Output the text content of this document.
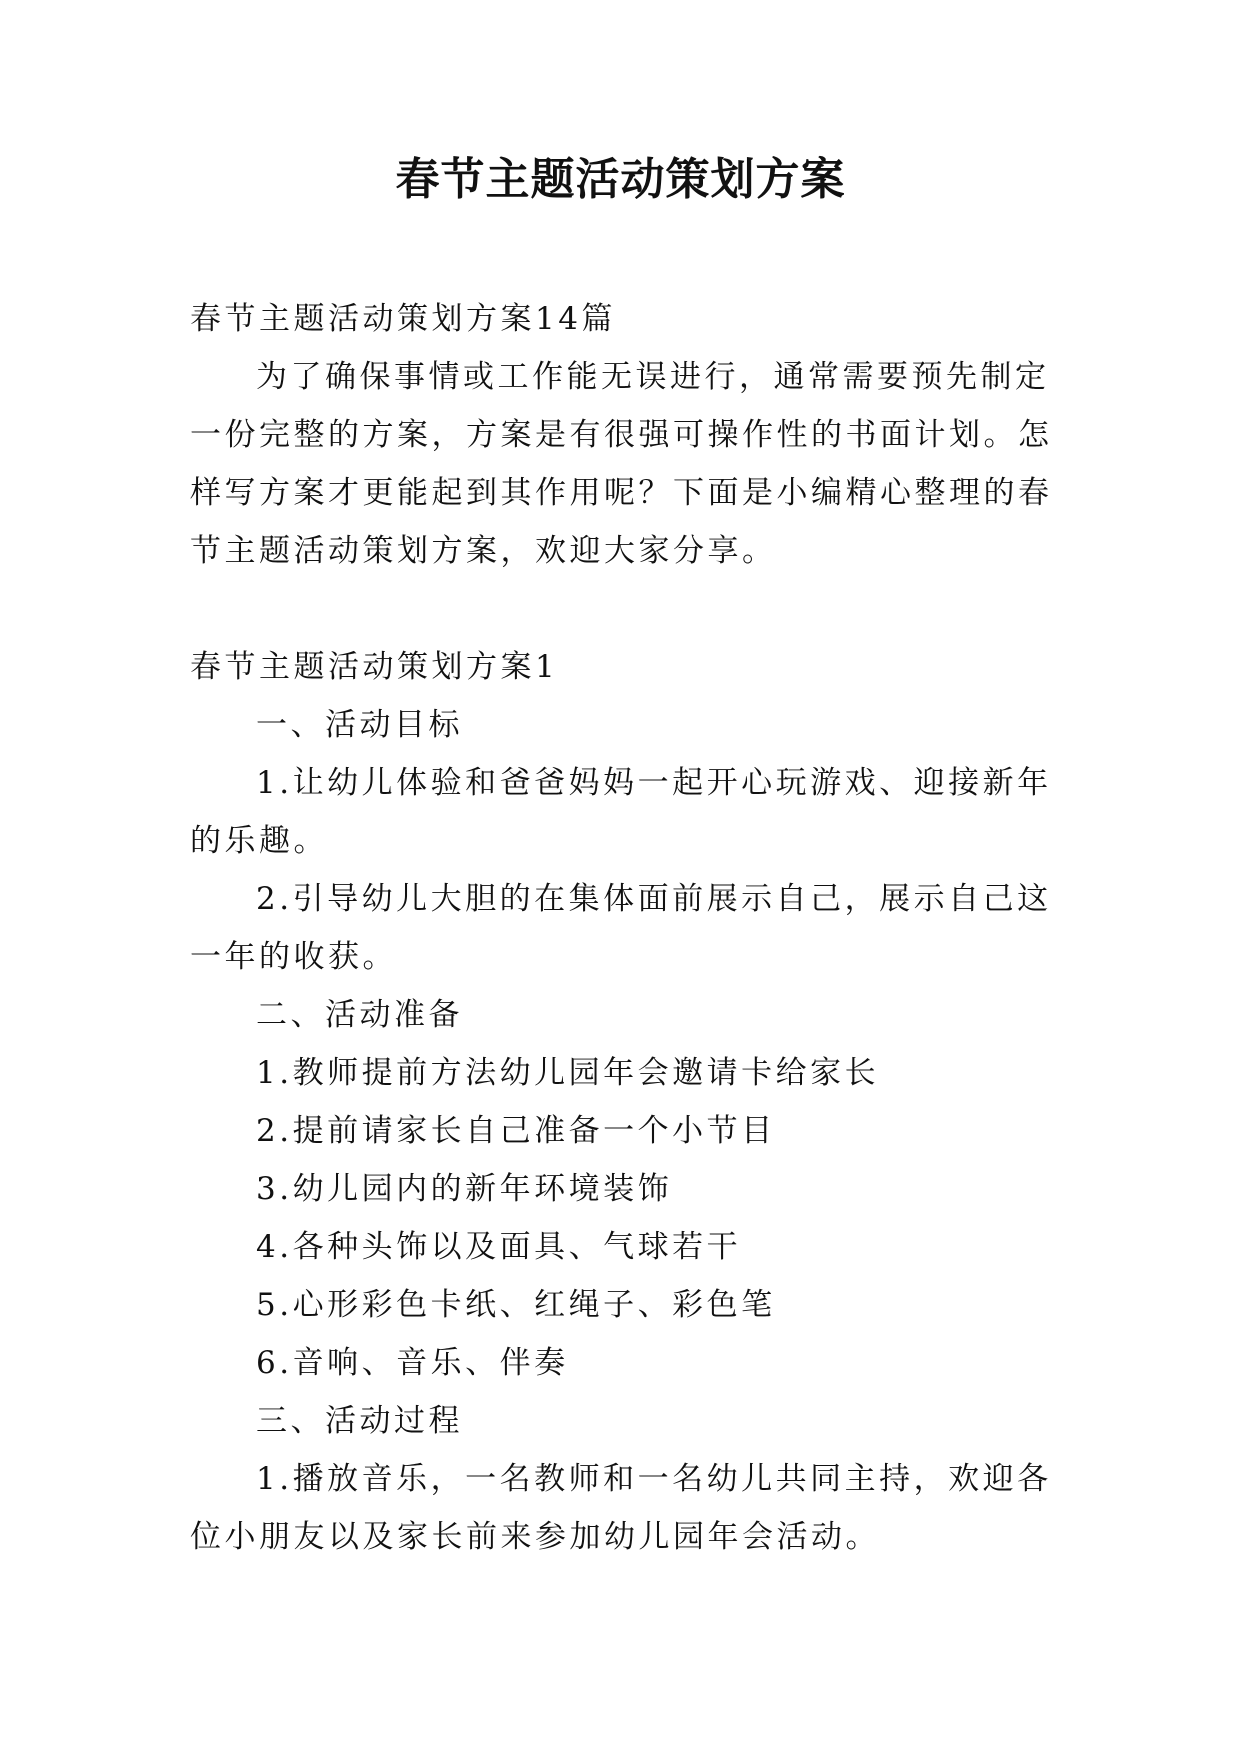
春节主题活动策划方案

春节主题活动策划方案14篇

为了确保事情或工作能无误进行，通常需要预先制定一份完整的方案，方案是有很强可操作性的书面计划。怎样写方案才更能起到其作用呢？下面是小编精心整理的春节主题活动策划方案，欢迎大家分享。

春节主题活动策划方案1

一、活动目标

1.让幼儿体验和爸爸妈妈一起开心玩游戏、迎接新年的乐趣。

2.引导幼儿大胆的在集体面前展示自己，展示自己这一年的收获。

二、活动准备

1.教师提前方法幼儿园年会邀请卡给家长

2.提前请家长自己准备一个小节目

3.幼儿园内的新年环境装饰

4.各种头饰以及面具、气球若干

5.心形彩色卡纸、红绳子、彩色笔

6.音响、音乐、伴奏

三、活动过程

1.播放音乐，一名教师和一名幼儿共同主持，欢迎各位小朋友以及家长前来参加幼儿园年会活动。
